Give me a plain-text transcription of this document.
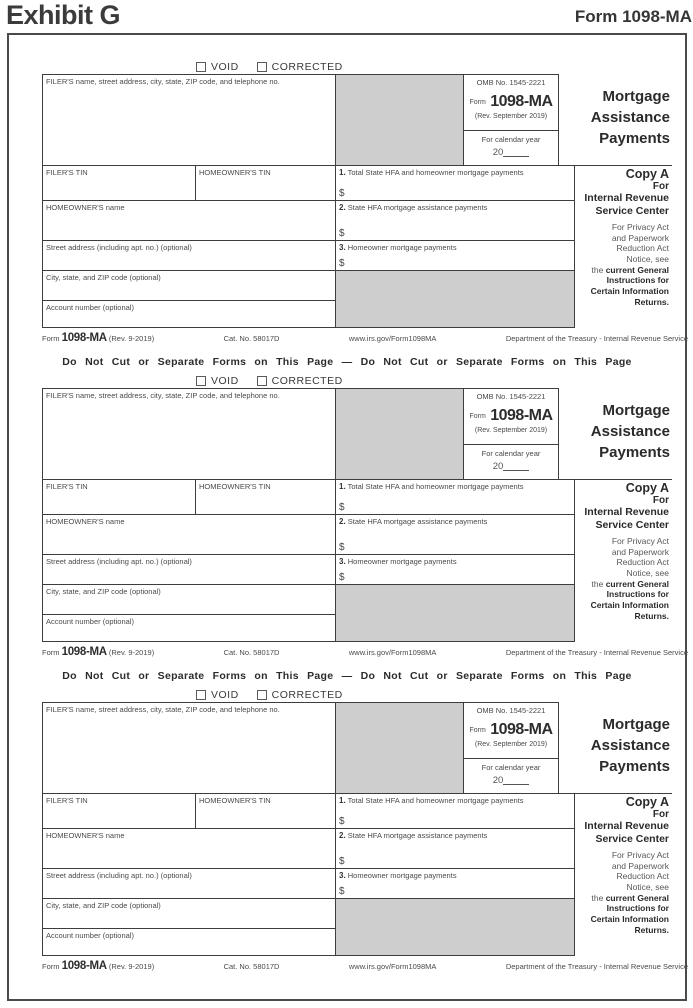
Exhibit G	Form 1098-MA
VOID	CORRECTED
FILER'S name, street address, city, state, ZIP code, and telephone no.	OMB No. 1545-2221
Form 1098-MA
(Rev. September 2019)
For calendar year
20
Mortgage Assistance Payments
FILER'S TIN	HOMEOWNER'S TIN	1. Total State HFA and homeowner mortgage payments
$
HOMEOWNER'S name	2. State HFA mortgage assistance payments
$
Street address (including apt. no.) (optional)	3. Homeowner mortgage payments
$
City, state, and ZIP code (optional)
Account number (optional)
Copy A
For
Internal Revenue
Service Center
For Privacy Act
and Paperwork
Reduction Act
Notice, see
the current General
Instructions for
Certain Information
Returns.
Form 1098-MA (Rev. 9-2019)	Cat. No. 58017D	www.irs.gov/Form1098MA	Department of the Treasury - Internal Revenue Service
Do Not Cut or Separate Forms on This Page — Do Not Cut or Separate Forms on This Page
VOID	CORRECTED
FILER'S name, street address, city, state, ZIP code, and telephone no.	OMB No. 1545-2221
Form 1098-MA
(Rev. September 2019)
For calendar year
20
Mortgage Assistance Payments
FILER'S TIN	HOMEOWNER'S TIN	1. Total State HFA and homeowner mortgage payments
$
HOMEOWNER'S name	2. State HFA mortgage assistance payments
$
Street address (including apt. no.) (optional)	3. Homeowner mortgage payments
$
City, state, and ZIP code (optional)
Account number (optional)
Copy A
For
Internal Revenue
Service Center
For Privacy Act
and Paperwork
Reduction Act
Notice, see
the current General
Instructions for
Certain Information
Returns.
Form 1098-MA (Rev. 9-2019)	Cat. No. 58017D	www.irs.gov/Form1098MA	Department of the Treasury - Internal Revenue Service
Do Not Cut or Separate Forms on This Page — Do Not Cut or Separate Forms on This Page
VOID	CORRECTED
FILER'S name, street address, city, state, ZIP code, and telephone no.	OMB No. 1545-2221
Form 1098-MA
(Rev. September 2019)
For calendar year
20
Mortgage Assistance Payments
FILER'S TIN	HOMEOWNER'S TIN	1. Total State HFA and homeowner mortgage payments
$
HOMEOWNER'S name	2. State HFA mortgage assistance payments
$
Street address (including apt. no.) (optional)	3. Homeowner mortgage payments
$
City, state, and ZIP code (optional)
Account number (optional)
Copy A
For
Internal Revenue
Service Center
For Privacy Act
and Paperwork
Reduction Act
Notice, see
the current General
Instructions for
Certain Information
Returns.
Form 1098-MA (Rev. 9-2019)	Cat. No. 58017D	www.irs.gov/Form1098MA	Department of the Treasury - Internal Revenue Service
